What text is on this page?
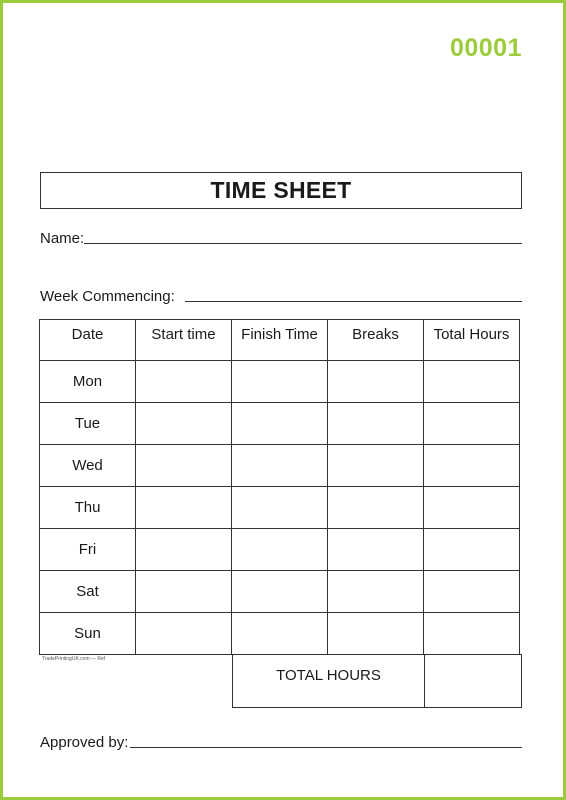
00001
TIME SHEET
Name:
Week Commencing:
Date	Start time	Finish Time	Breaks	Total Hours
Mon				
Tue				
Wed				
Thu				
Fri				
Sat				
Sun				
TradePrintingUK.com — Ref
TOTAL HOURS	
Approved by:
